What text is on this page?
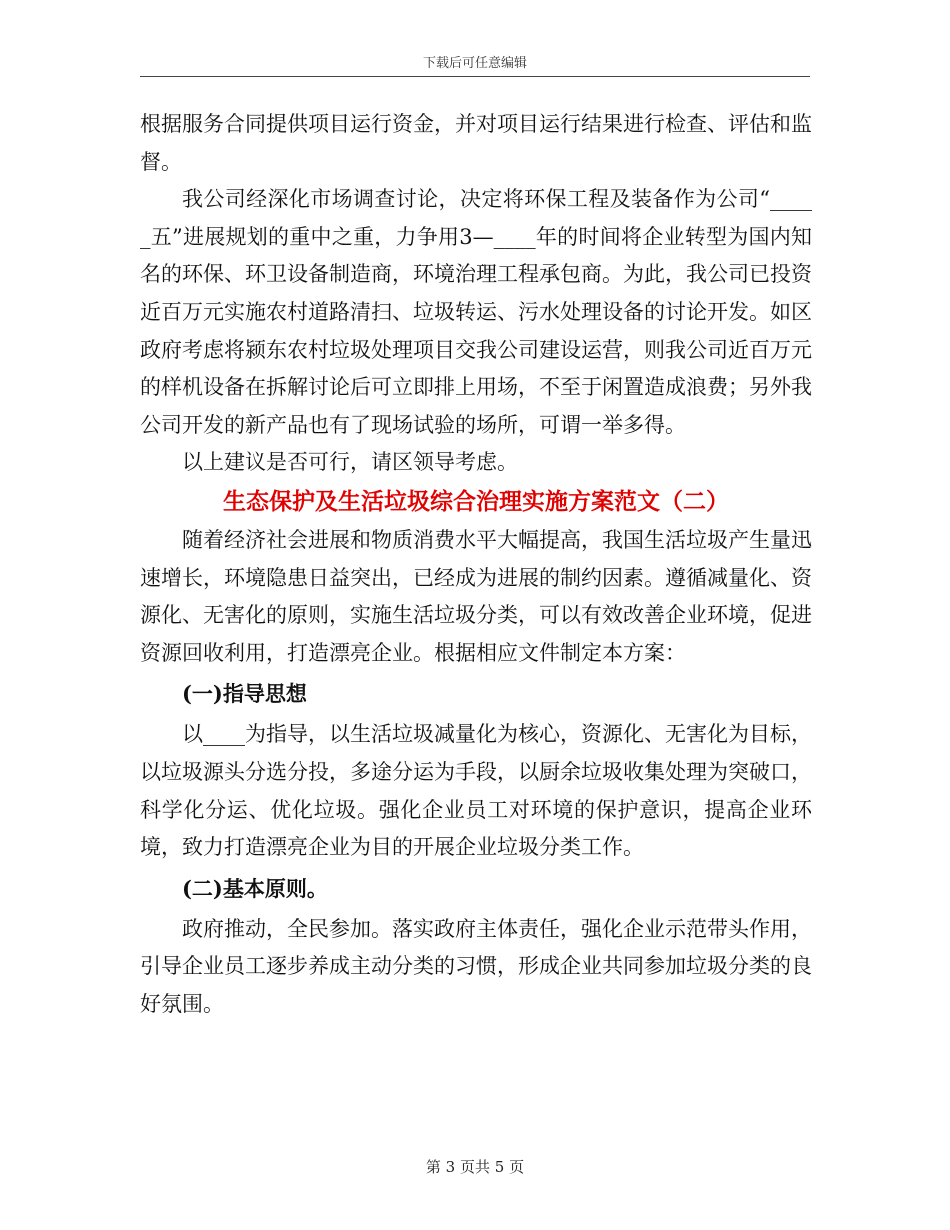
下载后可任意编辑

根据服务合同提供项目运行资金，并对项目运行结果进行检查、评估和监督。

我公司经深化市场调查讨论，决定将环保工程及装备作为公司“_____五”进展规划的重中之重，力争用3—____年的时间将企业转型为国内知名的环保、环卫设备制造商，环境治理工程承包商。为此，我公司已投资近百万元实施农村道路清扫、垃圾转运、污水处理设备的讨论开发。如区政府考虑将颍东农村垃圾处理项目交我公司建设运营，则我公司近百万元的样机设备在拆解讨论后可立即排上用场，不至于闲置造成浪费；另外我公司开发的新产品也有了现场试验的场所，可谓一举多得。

以上建议是否可行，请区领导考虑。

生态保护及生活垃圾综合治理实施方案范文（二）

随着经济社会进展和物质消费水平大幅提高，我国生活垃圾产生量迅速增长，环境隐患日益突出，已经成为进展的制约因素。遵循减量化、资源化、无害化的原则，实施生活垃圾分类，可以有效改善企业环境，促进资源回收利用，打造漂亮企业。根据相应文件制定本方案：

(一)指导思想

以____为指导，以生活垃圾减量化为核心，资源化、无害化为目标，以垃圾源头分选分投，多途分运为手段，以厨余垃圾收集处理为突破口，科学化分运、优化垃圾。强化企业员工对环境的保护意识，提高企业环境，致力打造漂亮企业为目的开展企业垃圾分类工作。

(二)基本原则。

政府推动，全民参加。落实政府主体责任，强化企业示范带头作用，引导企业员工逐步养成主动分类的习惯，形成企业共同参加垃圾分类的良好氛围。

第 3 页共 5 页
